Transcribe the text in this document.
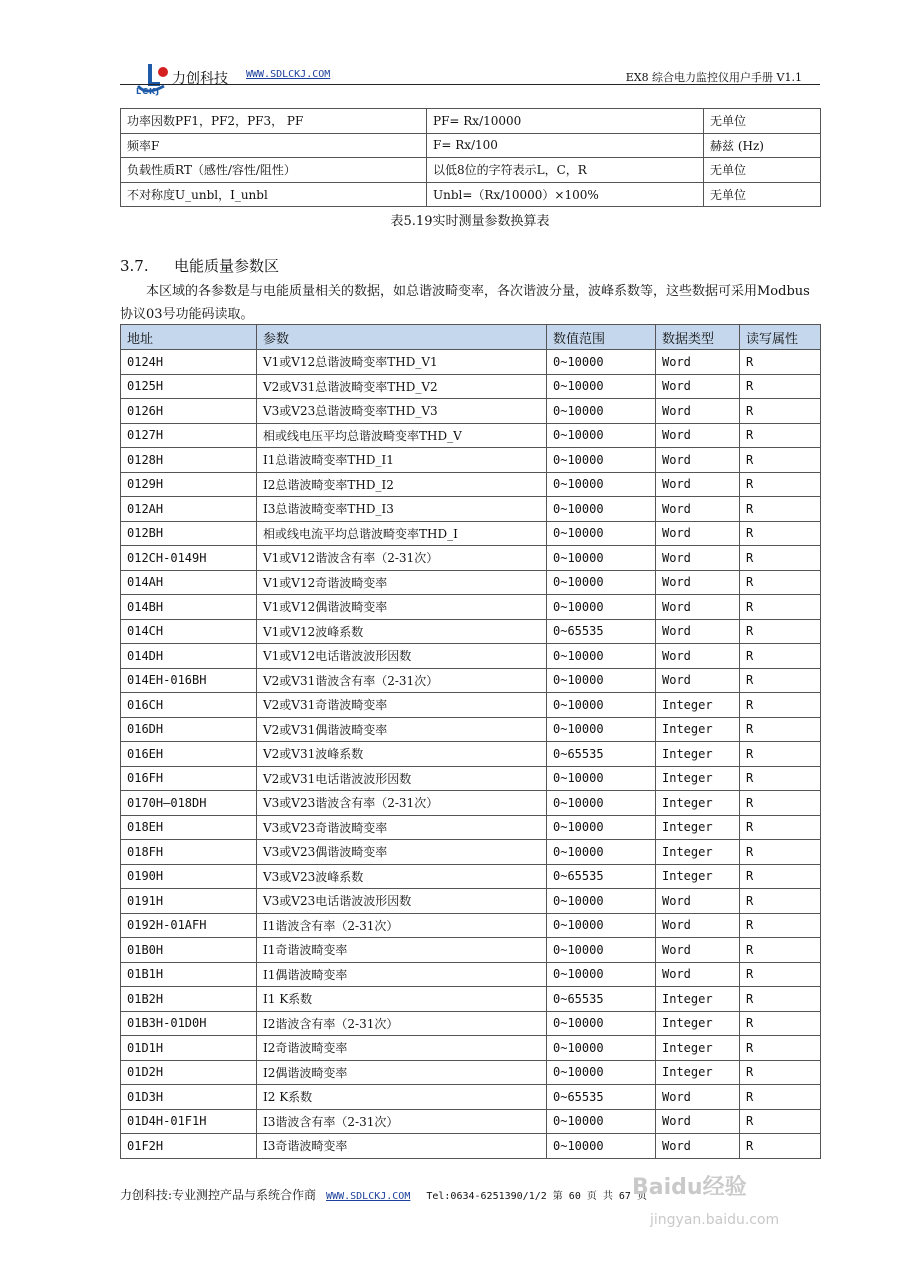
LCKJ
力创科技 WWW.SDLCKJ.COM	EX8 综合电力监控仪用户手册 V1.1
功率因数PF1，PF2，PF3， PF	PF= Rx/10000	无单位
频率F	F= Rx/100	赫兹 (Hz)
负载性质RT（感性/容性/阻性）	以低8位的字符表示L，C，R	无单位
不对称度U_unbl，I_unbl	Unbl=（Rx/10000）×100%	无单位
表5.19实时测量参数换算表
3.7. 电能质量参数区
本区域的各参数是与电能质量相关的数据，如总谐波畸变率，各次谐波分量，波峰系数等，这些数据可采用Modbus协议03号功能码读取。
地址	参数	数值范围	数据类型	读写属性
0124H	V1或V12总谐波畸变率THD_V1	0~10000	Word	R
0125H	V2或V31总谐波畸变率THD_V2	0~10000	Word	R
0126H	V3或V23总谐波畸变率THD_V3	0~10000	Word	R
0127H	相或线电压平均总谐波畸变率THD_V	0~10000	Word	R
0128H	I1总谐波畸变率THD_I1	0~10000	Word	R
0129H	I2总谐波畸变率THD_I2	0~10000	Word	R
012AH	I3总谐波畸变率THD_I3	0~10000	Word	R
012BH	相或线电流平均总谐波畸变率THD_I	0~10000	Word	R
012CH-0149H	V1或V12谐波含有率（2-31次）	0~10000	Word	R
014AH	V1或V12奇谐波畸变率	0~10000	Word	R
014BH	V1或V12偶谐波畸变率	0~10000	Word	R
014CH	V1或V12波峰系数	0~65535	Word	R
014DH	V1或V12电话谐波波形因数	0~10000	Word	R
014EH-016BH	V2或V31谐波含有率（2-31次）	0~10000	Word	R
016CH	V2或V31奇谐波畸变率	0~10000	Integer	R
016DH	V2或V31偶谐波畸变率	0~10000	Integer	R
016EH	V2或V31波峰系数	0~65535	Integer	R
016FH	V2或V31电话谐波波形因数	0~10000	Integer	R
0170H—018DH	V3或V23谐波含有率（2-31次）	0~10000	Integer	R
018EH	V3或V23奇谐波畸变率	0~10000	Integer	R
018FH	V3或V23偶谐波畸变率	0~10000	Integer	R
0190H	V3或V23波峰系数	0~65535	Integer	R
0191H	V3或V23电话谐波波形因数	0~10000	Word	R
0192H-01AFH	I1谐波含有率（2-31次）	0~10000	Word	R
01B0H	I1奇谐波畸变率	0~10000	Word	R
01B1H	I1偶谐波畸变率	0~10000	Word	R
01B2H	I1 K系数	0~65535	Integer	R
01B3H-01D0H	I2谐波含有率（2-31次）	0~10000	Integer	R
01D1H	I2奇谐波畸变率	0~10000	Integer	R
01D2H	I2偶谐波畸变率	0~10000	Integer	R
01D3H	I2 K系数	0~65535	Word	R
01D4H-01F1H	I3谐波含有率（2-31次）	0~10000	Word	R
01F2H	I3奇谐波畸变率	0~10000	Word	R
力创科技:专业测控产品与系统合作商 WWW.SDLCKJ.COM Tel:0634-6251390/1/2 第 60 页 共 67 页
Baidu经验
jingyan.baidu.com
